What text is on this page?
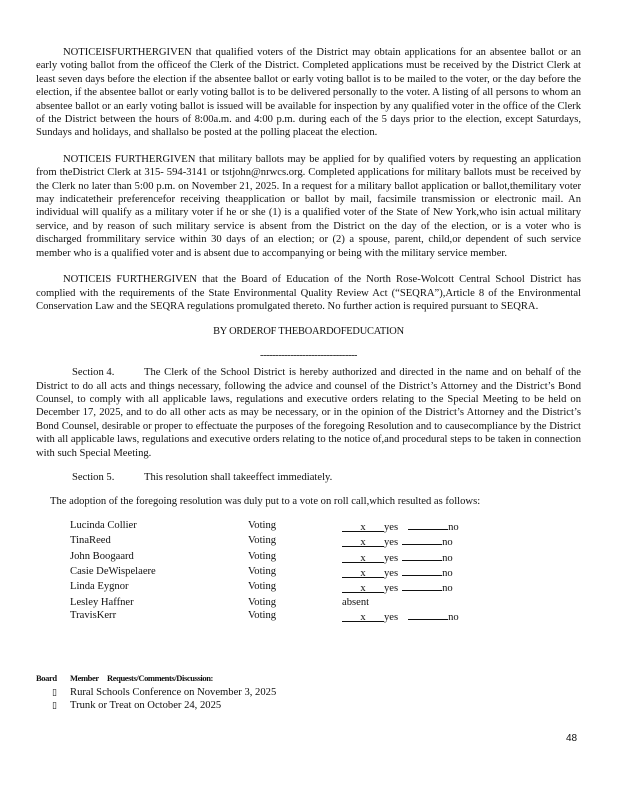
NOTICEISFURTHERGIVEN that qualified voters of the District may obtain applications for an absentee ballot or an early voting ballot from the officeof the Clerk of the District. Completed applications must be received by the District Clerk at least seven days before the election if the absentee ballot or early voting ballot is to be mailed to the voter, or the day before the election, if the absentee ballot or early voting ballot is to be delivered personally to the voter. A listing of all persons to whom an absentee ballot or an early voting ballot is issued will be available for inspection by any qualified voter in the office of the Clerk of the District between the hours of 8:00a.m. and 4:00 p.m. during each of the 5 days prior to the election, except Saturdays, Sundays and holidays, and shallalso be posted at the polling placeat the election.

NOTICEIS FURTHERGIVEN that military ballots may be applied for by qualified voters by requesting an application from theDistrict Clerk at 315- 594-3141 or tstjohn@nrwcs.org. Completed applications for military ballots must be received by the Clerk no later than 5:00 p.m. on November 21, 2025. In a request for a military ballot application or ballot,themilitary voter may indicatetheir preferencefor receiving theapplication or ballot by mail, facsimile transmission or electronic mail. An individual will qualify as a military voter if he or she (1) is a qualified voter of the State of New York,who isin actual military service, and by reason of such military service is absent from the District on the day of the election, or is a voter who is discharged frommilitary service within 30 days of an election; or (2) a spouse, parent, child,or dependent of such service member who is a qualified voter and is absent due to accompanying or being with the military service member.

NOTICEIS FURTHERGIVEN that the Board of Education of the North Rose-Wolcott Central School District has complied with the requirements of the State Environmental Quality Review Act (“SEQRA”),Article 8 of the Environmental Conservation Law and the SEQRA regulations promulgated thereto. No further action is required pursuant to SEQRA.

BY ORDEROF THEBOARDOFEDUCATION
--------------------------------

Section 4.	The Clerk of the School District is hereby authorized and directed in the name and on behalf of the District to do all acts and things necessary, following the advice and counsel of the District’s Attorney and the District’s Bond Counsel, to comply with all applicable laws, regulations and executive orders relating to the Special Meeting to be held on December 17, 2025, and to do all other acts as may be necessary, or in the opinion of the District’s Attorney and the District’s Bond Counsel, desirable or proper to effectuate the purposes of the foregoing Resolution and to causecompliance by the District with all applicable laws, regulations and executive orders relating to the notice of,and procedural steps to be taken in connection with such Special Meeting.

Section 5.	This resolution shall takeeffect immediately.

The adoption of the foregoing resolution was duly put to a vote on roll call,which resulted as follows:

Lucinda Collier	Voting	x yes no
TinaReed	Voting	x yes no
John Boogaard	Voting	x yes no
Casie DeWispelaere	Voting	x yes no
Linda Eygnor	Voting	x yes no
Lesley Haffner	Voting	absent
TravisKerr	Voting	x yes no
Board Member Requests/Comments/Discussion:
▯ Rural Schools Conference on November 3, 2025
▯ Trunk or Treat on October 24, 2025
48
